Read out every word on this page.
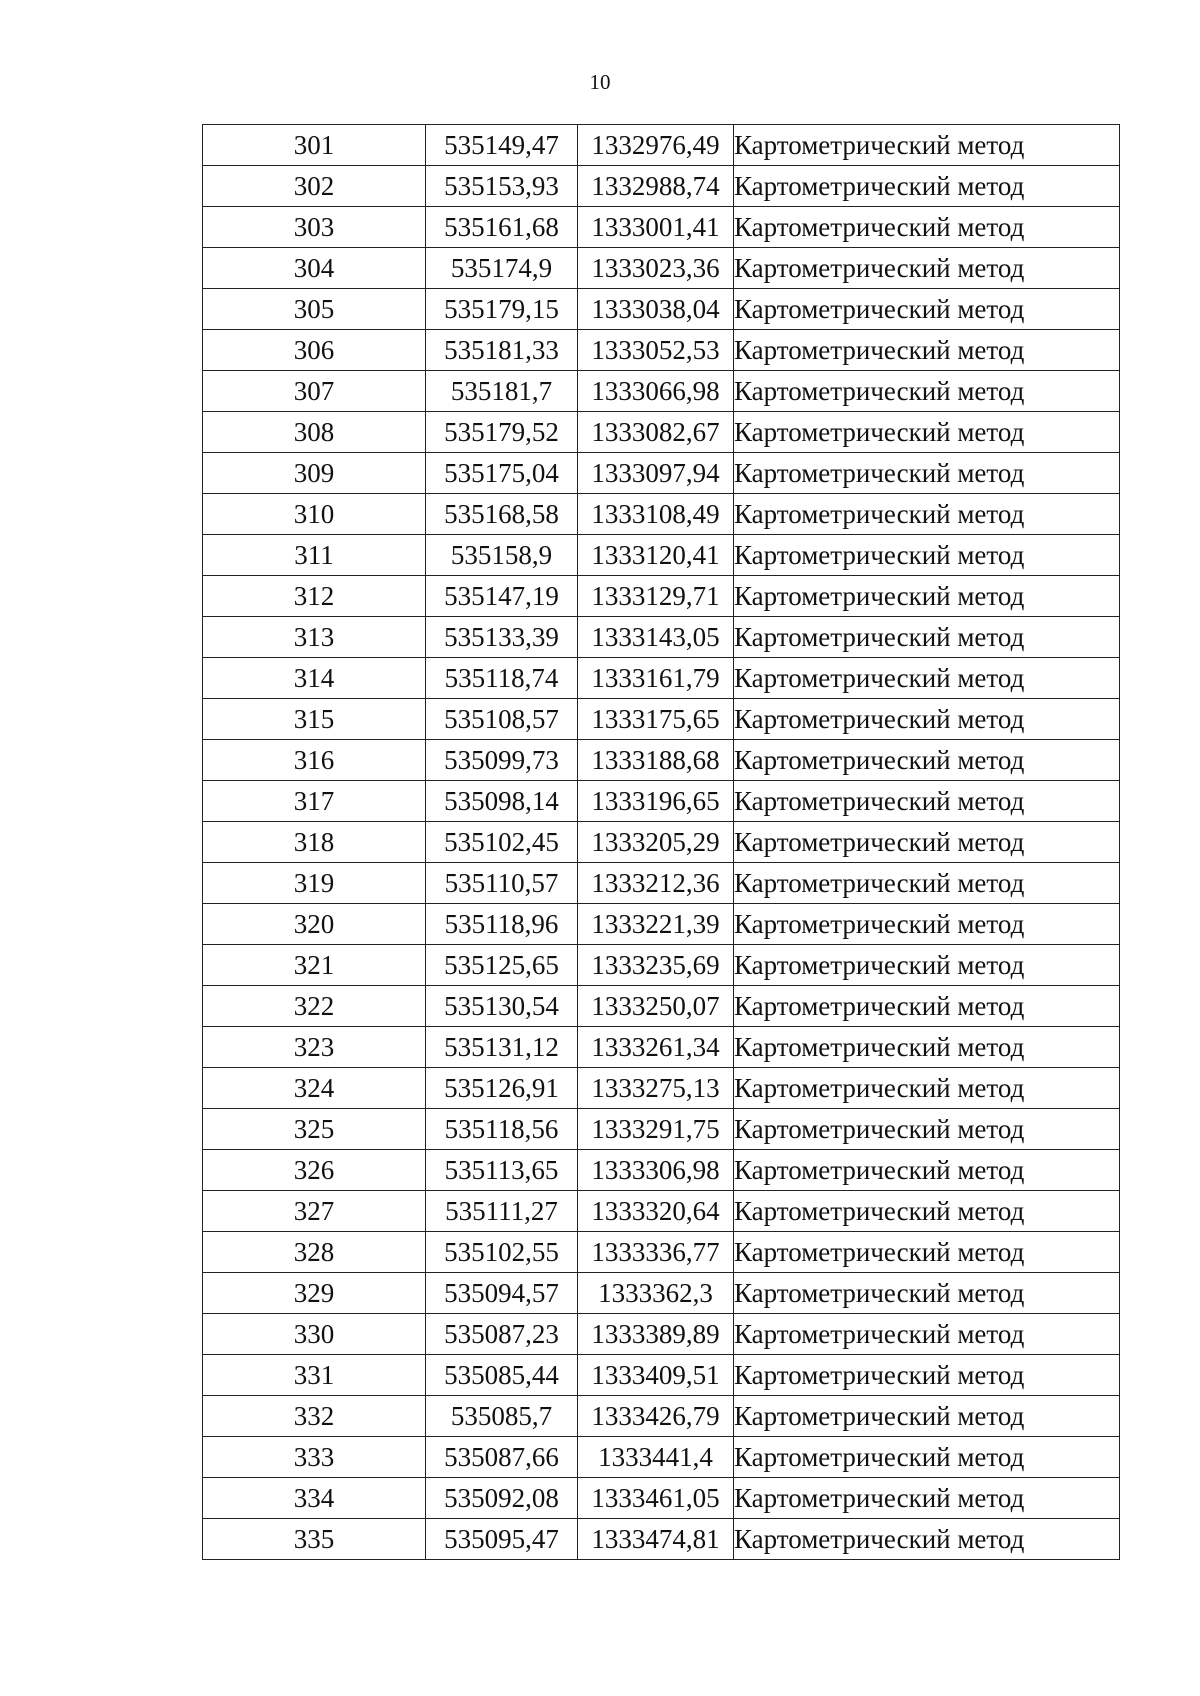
10
301	535149,47	1332976,49	Картометрический метод
302	535153,93	1332988,74	Картометрический метод
303	535161,68	1333001,41	Картометрический метод
304	535174,9	1333023,36	Картометрический метод
305	535179,15	1333038,04	Картометрический метод
306	535181,33	1333052,53	Картометрический метод
307	535181,7	1333066,98	Картометрический метод
308	535179,52	1333082,67	Картометрический метод
309	535175,04	1333097,94	Картометрический метод
310	535168,58	1333108,49	Картометрический метод
311	535158,9	1333120,41	Картометрический метод
312	535147,19	1333129,71	Картометрический метод
313	535133,39	1333143,05	Картометрический метод
314	535118,74	1333161,79	Картометрический метод
315	535108,57	1333175,65	Картометрический метод
316	535099,73	1333188,68	Картометрический метод
317	535098,14	1333196,65	Картометрический метод
318	535102,45	1333205,29	Картометрический метод
319	535110,57	1333212,36	Картометрический метод
320	535118,96	1333221,39	Картометрический метод
321	535125,65	1333235,69	Картометрический метод
322	535130,54	1333250,07	Картометрический метод
323	535131,12	1333261,34	Картометрический метод
324	535126,91	1333275,13	Картометрический метод
325	535118,56	1333291,75	Картометрический метод
326	535113,65	1333306,98	Картометрический метод
327	535111,27	1333320,64	Картометрический метод
328	535102,55	1333336,77	Картометрический метод
329	535094,57	1333362,3	Картометрический метод
330	535087,23	1333389,89	Картометрический метод
331	535085,44	1333409,51	Картометрический метод
332	535085,7	1333426,79	Картометрический метод
333	535087,66	1333441,4	Картометрический метод
334	535092,08	1333461,05	Картометрический метод
335	535095,47	1333474,81	Картометрический метод
